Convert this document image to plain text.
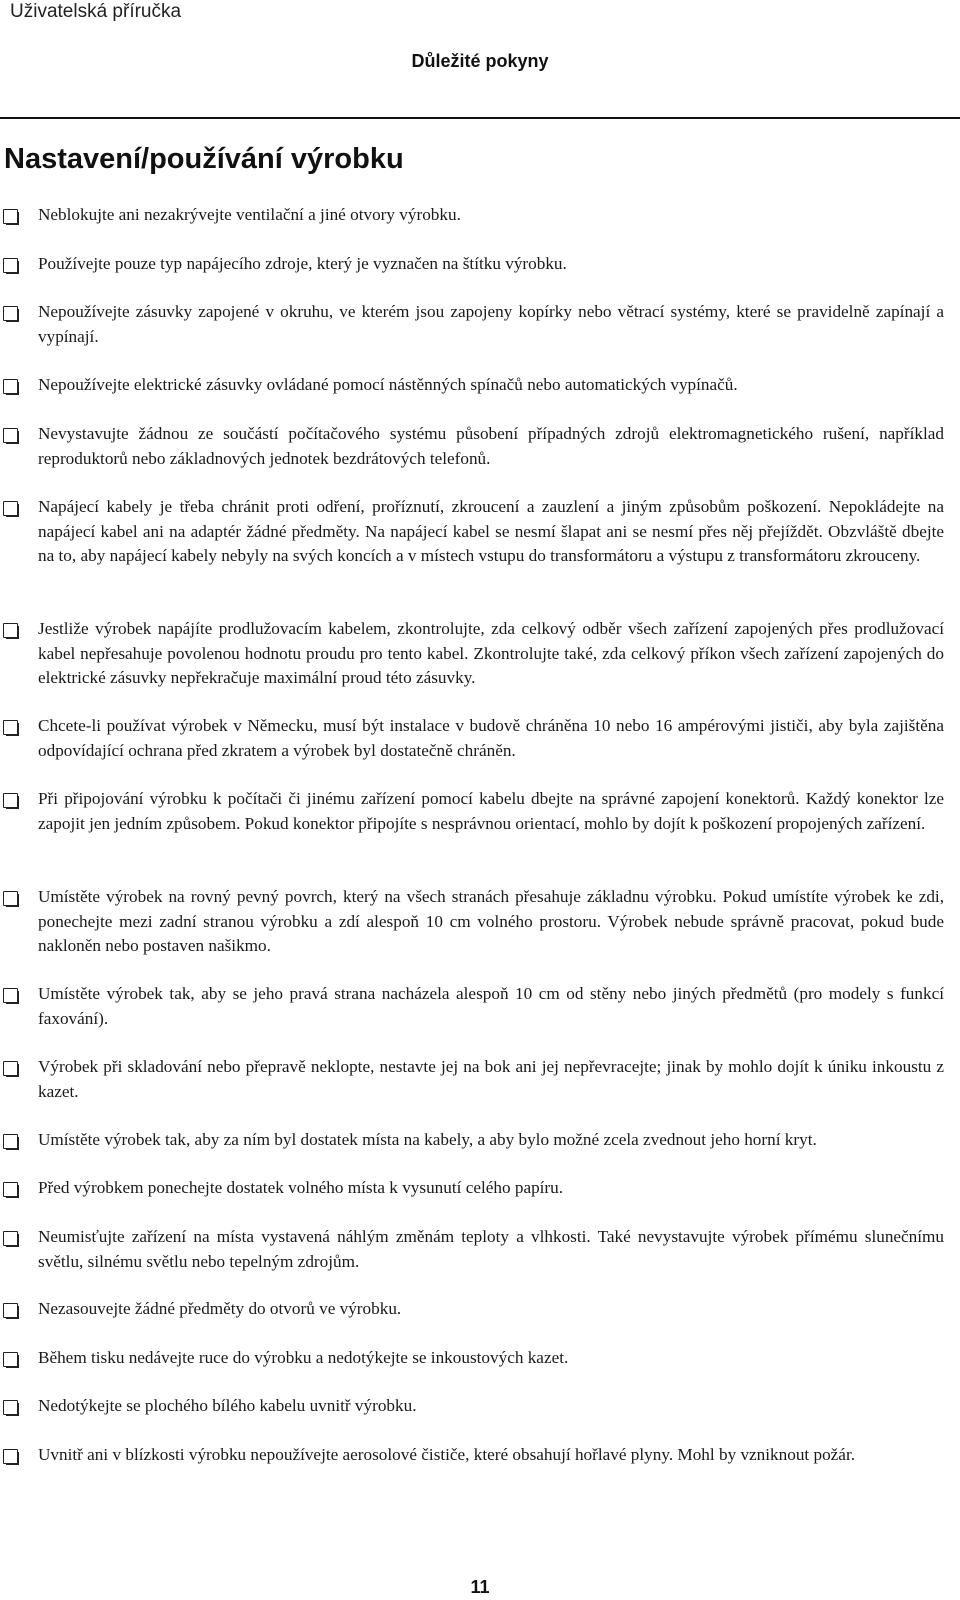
Uživatelská příručka
Důležité pokyny
Nastavení/používání výrobku
Neblokujte ani nezakrývejte ventilační a jiné otvory výrobku.
Používejte pouze typ napájecího zdroje, který je vyznačen na štítku výrobku.
Nepoužívejte zásuvky zapojené v okruhu, ve kterém jsou zapojeny kopírky nebo větrací systémy, které se pravidelně zapínají a vypínají.
Nepoužívejte elektrické zásuvky ovládané pomocí nástěnných spínačů nebo automatických vypínačů.
Nevystavujte žádnou ze součástí počítačového systému působení případných zdrojů elektromagnetického rušení, například reproduktorů nebo základnových jednotek bezdrátových telefonů.
Napájecí kabely je třeba chránit proti odření, proříznutí, zkroucení a zauzlení a jiným způsobům poškození. Nepokládejte na napájecí kabel ani na adaptér žádné předměty. Na napájecí kabel se nesmí šlapat ani se nesmí přes něj přejíždět. Obzvláště dbejte na to, aby napájecí kabely nebyly na svých koncích a v místech vstupu do transformátoru a výstupu z transformátoru zkrouceny.
Jestliže výrobek napájíte prodlužovacím kabelem, zkontrolujte, zda celkový odběr všech zařízení zapojených přes prodlužovací kabel nepřesahuje povolenou hodnotu proudu pro tento kabel. Zkontrolujte také, zda celkový příkon všech zařízení zapojených do elektrické zásuvky nepřekračuje maximální proud této zásuvky.
Chcete-li používat výrobek v Německu, musí být instalace v budově chráněna 10 nebo 16 ampérovými jističi, aby byla zajištěna odpovídající ochrana před zkratem a výrobek byl dostatečně chráněn.
Při připojování výrobku k počítači či jinému zařízení pomocí kabelu dbejte na správné zapojení konektorů. Každý konektor lze zapojit jen jedním způsobem. Pokud konektor připojíte s nesprávnou orientací, mohlo by dojít k poškození propojených zařízení.
Umístěte výrobek na rovný pevný povrch, který na všech stranách přesahuje základnu výrobku. Pokud umístíte výrobek ke zdi, ponechejte mezi zadní stranou výrobku a zdí alespoň 10 cm volného prostoru. Výrobek nebude správně pracovat, pokud bude nakloněn nebo postaven našikmo.
Umístěte výrobek tak, aby se jeho pravá strana nacházela alespoň 10 cm od stěny nebo jiných předmětů (pro modely s funkcí faxování).
Výrobek při skladování nebo přepravě neklopte, nestavte jej na bok ani jej nepřevracejte; jinak by mohlo dojít k úniku inkoustu z kazet.
Umístěte výrobek tak, aby za ním byl dostatek místa na kabely, a aby bylo možné zcela zvednout jeho horní kryt.
Před výrobkem ponechejte dostatek volného místa k vysunutí celého papíru.
Neumisťujte zařízení na místa vystavená náhlým změnám teploty a vlhkosti. Také nevystavujte výrobek přímému slunečnímu světlu, silnému světlu nebo tepelným zdrojům.
Nezasouvejte žádné předměty do otvorů ve výrobku.
Během tisku nedávejte ruce do výrobku a nedotýkejte se inkoustových kazet.
Nedotýkejte se plochého bílého kabelu uvnitř výrobku.
Uvnitř ani v blízkosti výrobku nepoužívejte aerosolové čističe, které obsahují hořlavé plyny. Mohl by vzniknout požár.
11
